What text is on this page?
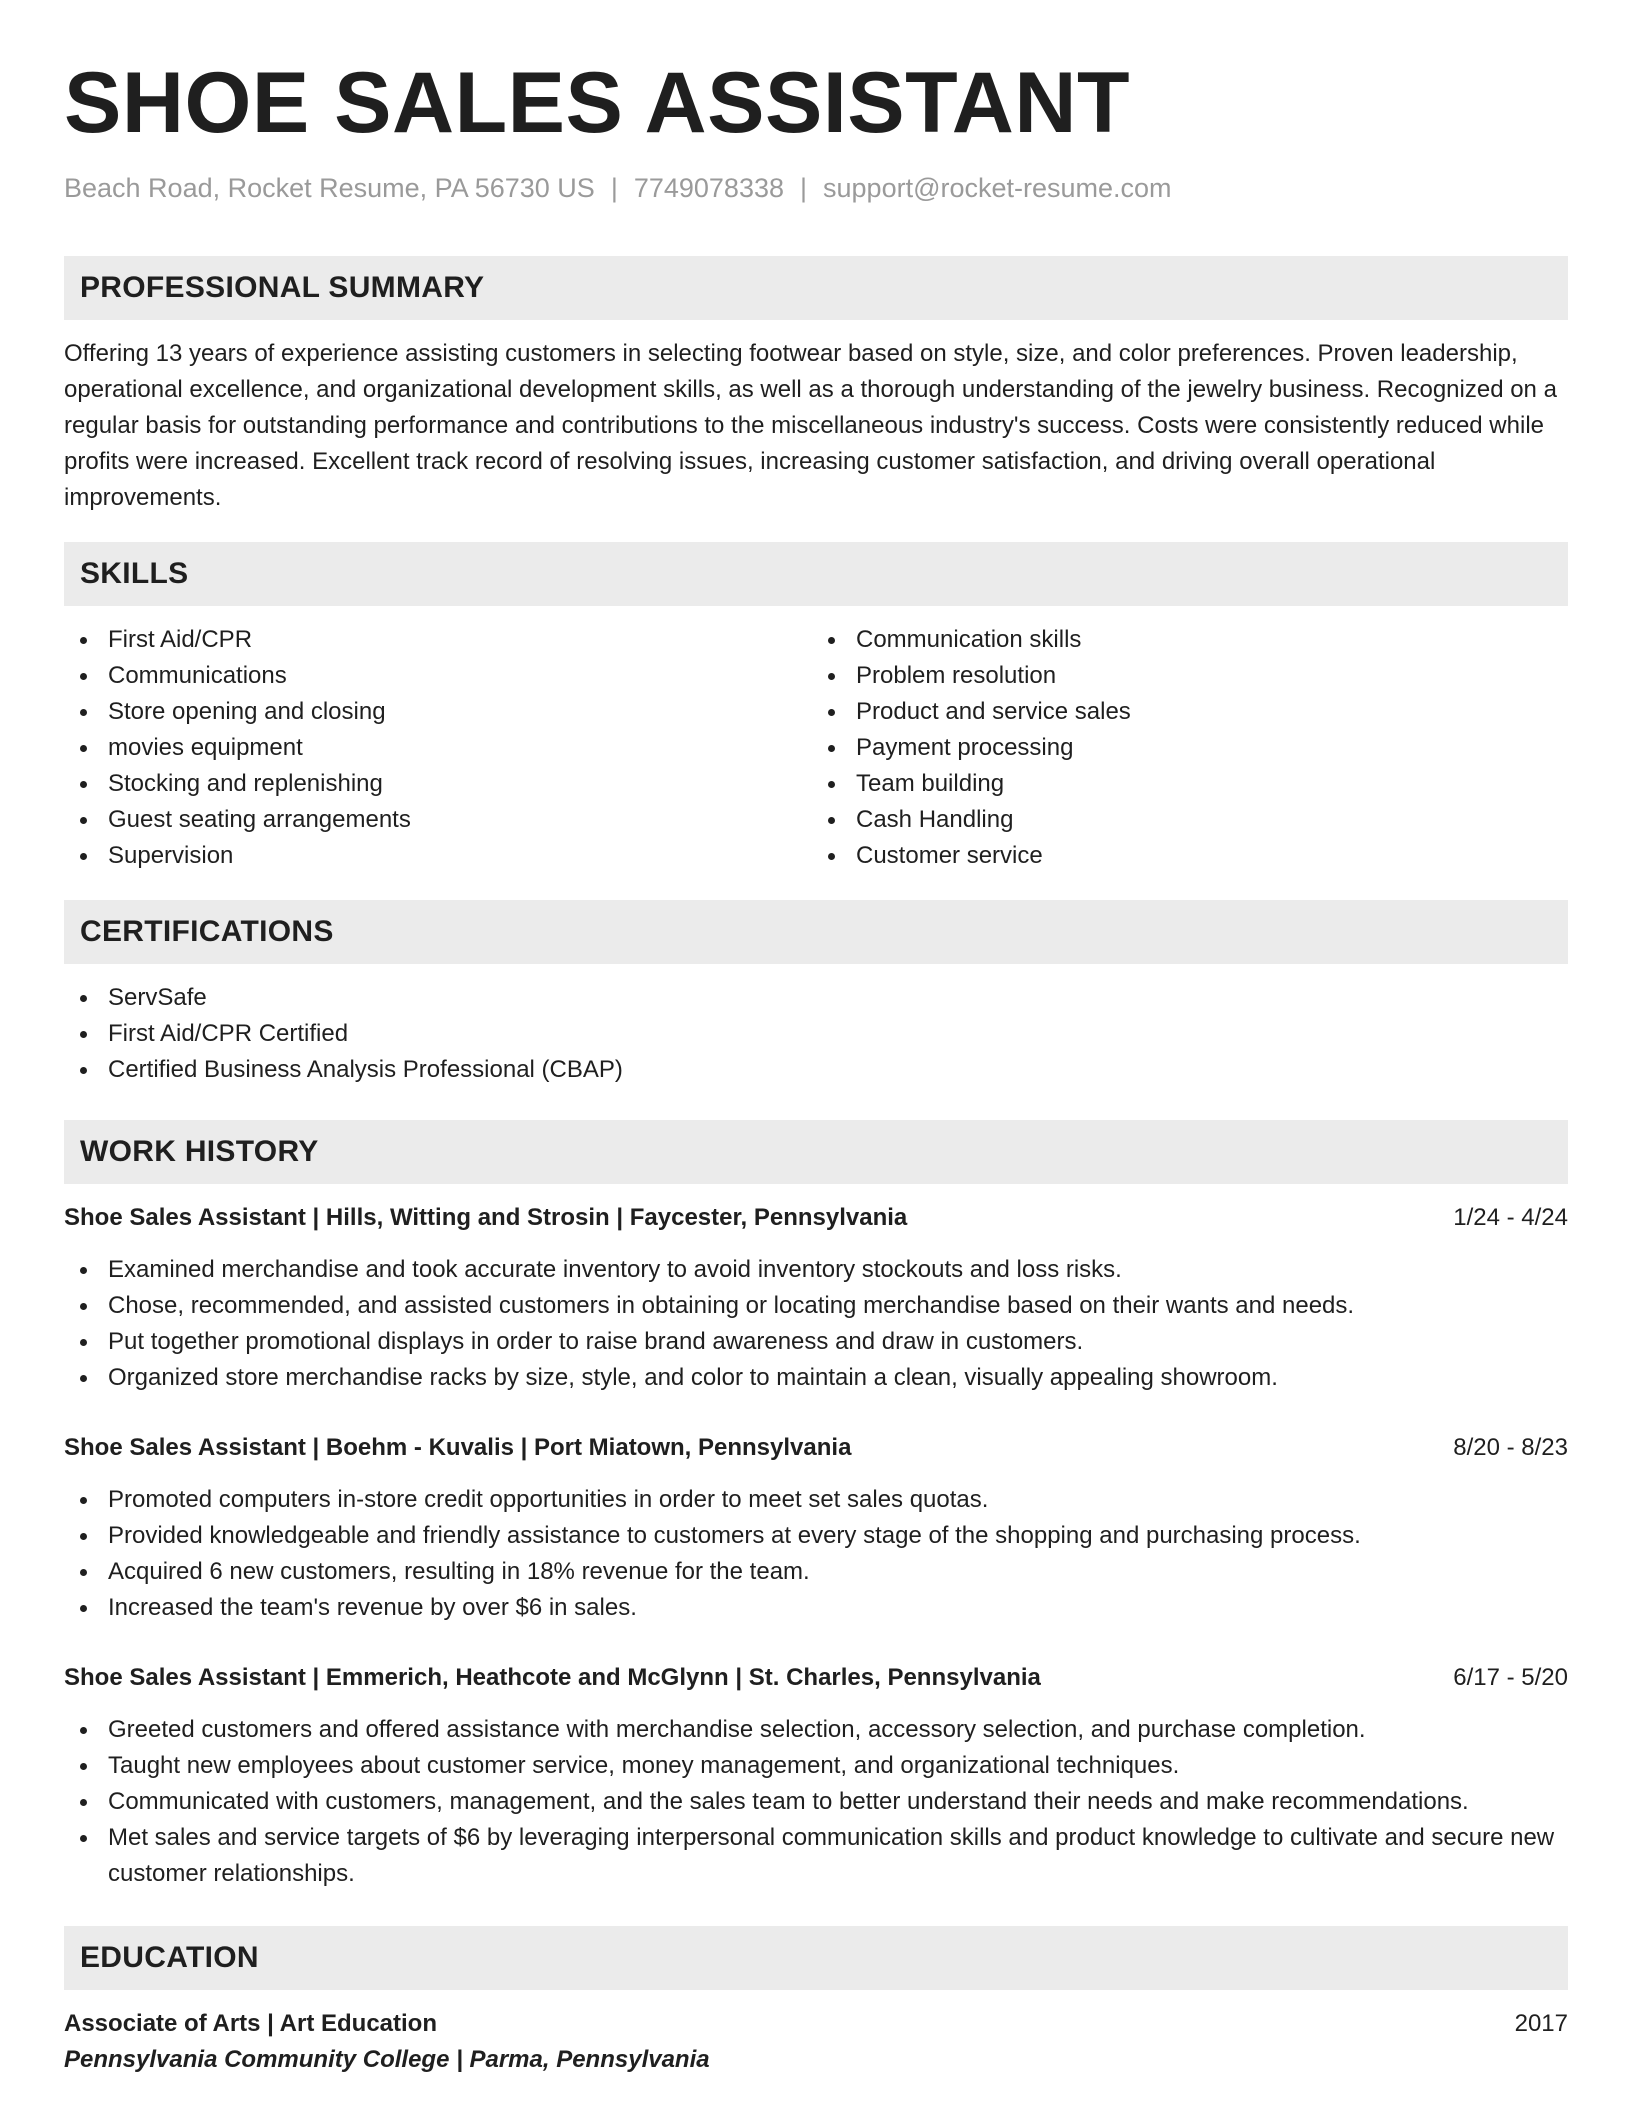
SHOE SALES ASSISTANT
Beach Road, Rocket Resume, PA 56730 US | 7749078338 | support@rocket-resume.com
PROFESSIONAL SUMMARY

Offering 13 years of experience assisting customers in selecting footwear based on style, size, and color preferences. Proven leadership, operational excellence, and organizational development skills, as well as a thorough understanding of the jewelry business. Recognized on a regular basis for outstanding performance and contributions to the miscellaneous industry's success. Costs were consistently reduced while profits were increased. Excellent track record of resolving issues, increasing customer satisfaction, and driving overall operational improvements.

SKILLS
First Aid/CPR
Communications
Store opening and closing
movies equipment
Stocking and replenishing
Guest seating arrangements
Supervision
Communication skills
Problem resolution
Product and service sales
Payment processing
Team building
Cash Handling
Customer service
CERTIFICATIONS
ServSafe
First Aid/CPR Certified
Certified Business Analysis Professional (CBAP)
WORK HISTORY
Shoe Sales Assistant | Hills, Witting and Strosin | Faycester, Pennsylvania	1/24 - 4/24
Examined merchandise and took accurate inventory to avoid inventory stockouts and loss risks.
Chose, recommended, and assisted customers in obtaining or locating merchandise based on their wants and needs.
Put together promotional displays in order to raise brand awareness and draw in customers.
Organized store merchandise racks by size, style, and color to maintain a clean, visually appealing showroom.
Shoe Sales Assistant | Boehm - Kuvalis | Port Miatown, Pennsylvania	8/20 - 8/23
Promoted computers in-store credit opportunities in order to meet set sales quotas.
Provided knowledgeable and friendly assistance to customers at every stage of the shopping and purchasing process.
Acquired 6 new customers, resulting in 18% revenue for the team.
Increased the team's revenue by over $6 in sales.
Shoe Sales Assistant | Emmerich, Heathcote and McGlynn | St. Charles, Pennsylvania	6/17 - 5/20
Greeted customers and offered assistance with merchandise selection, accessory selection, and purchase completion.
Taught new employees about customer service, money management, and organizational techniques.
Communicated with customers, management, and the sales team to better understand their needs and make recommendations.
Met sales and service targets of $6 by leveraging interpersonal communication skills and product knowledge to cultivate and secure new customer relationships.
EDUCATION
Associate of Arts | Art Education	2017
Pennsylvania Community College | Parma, Pennsylvania
